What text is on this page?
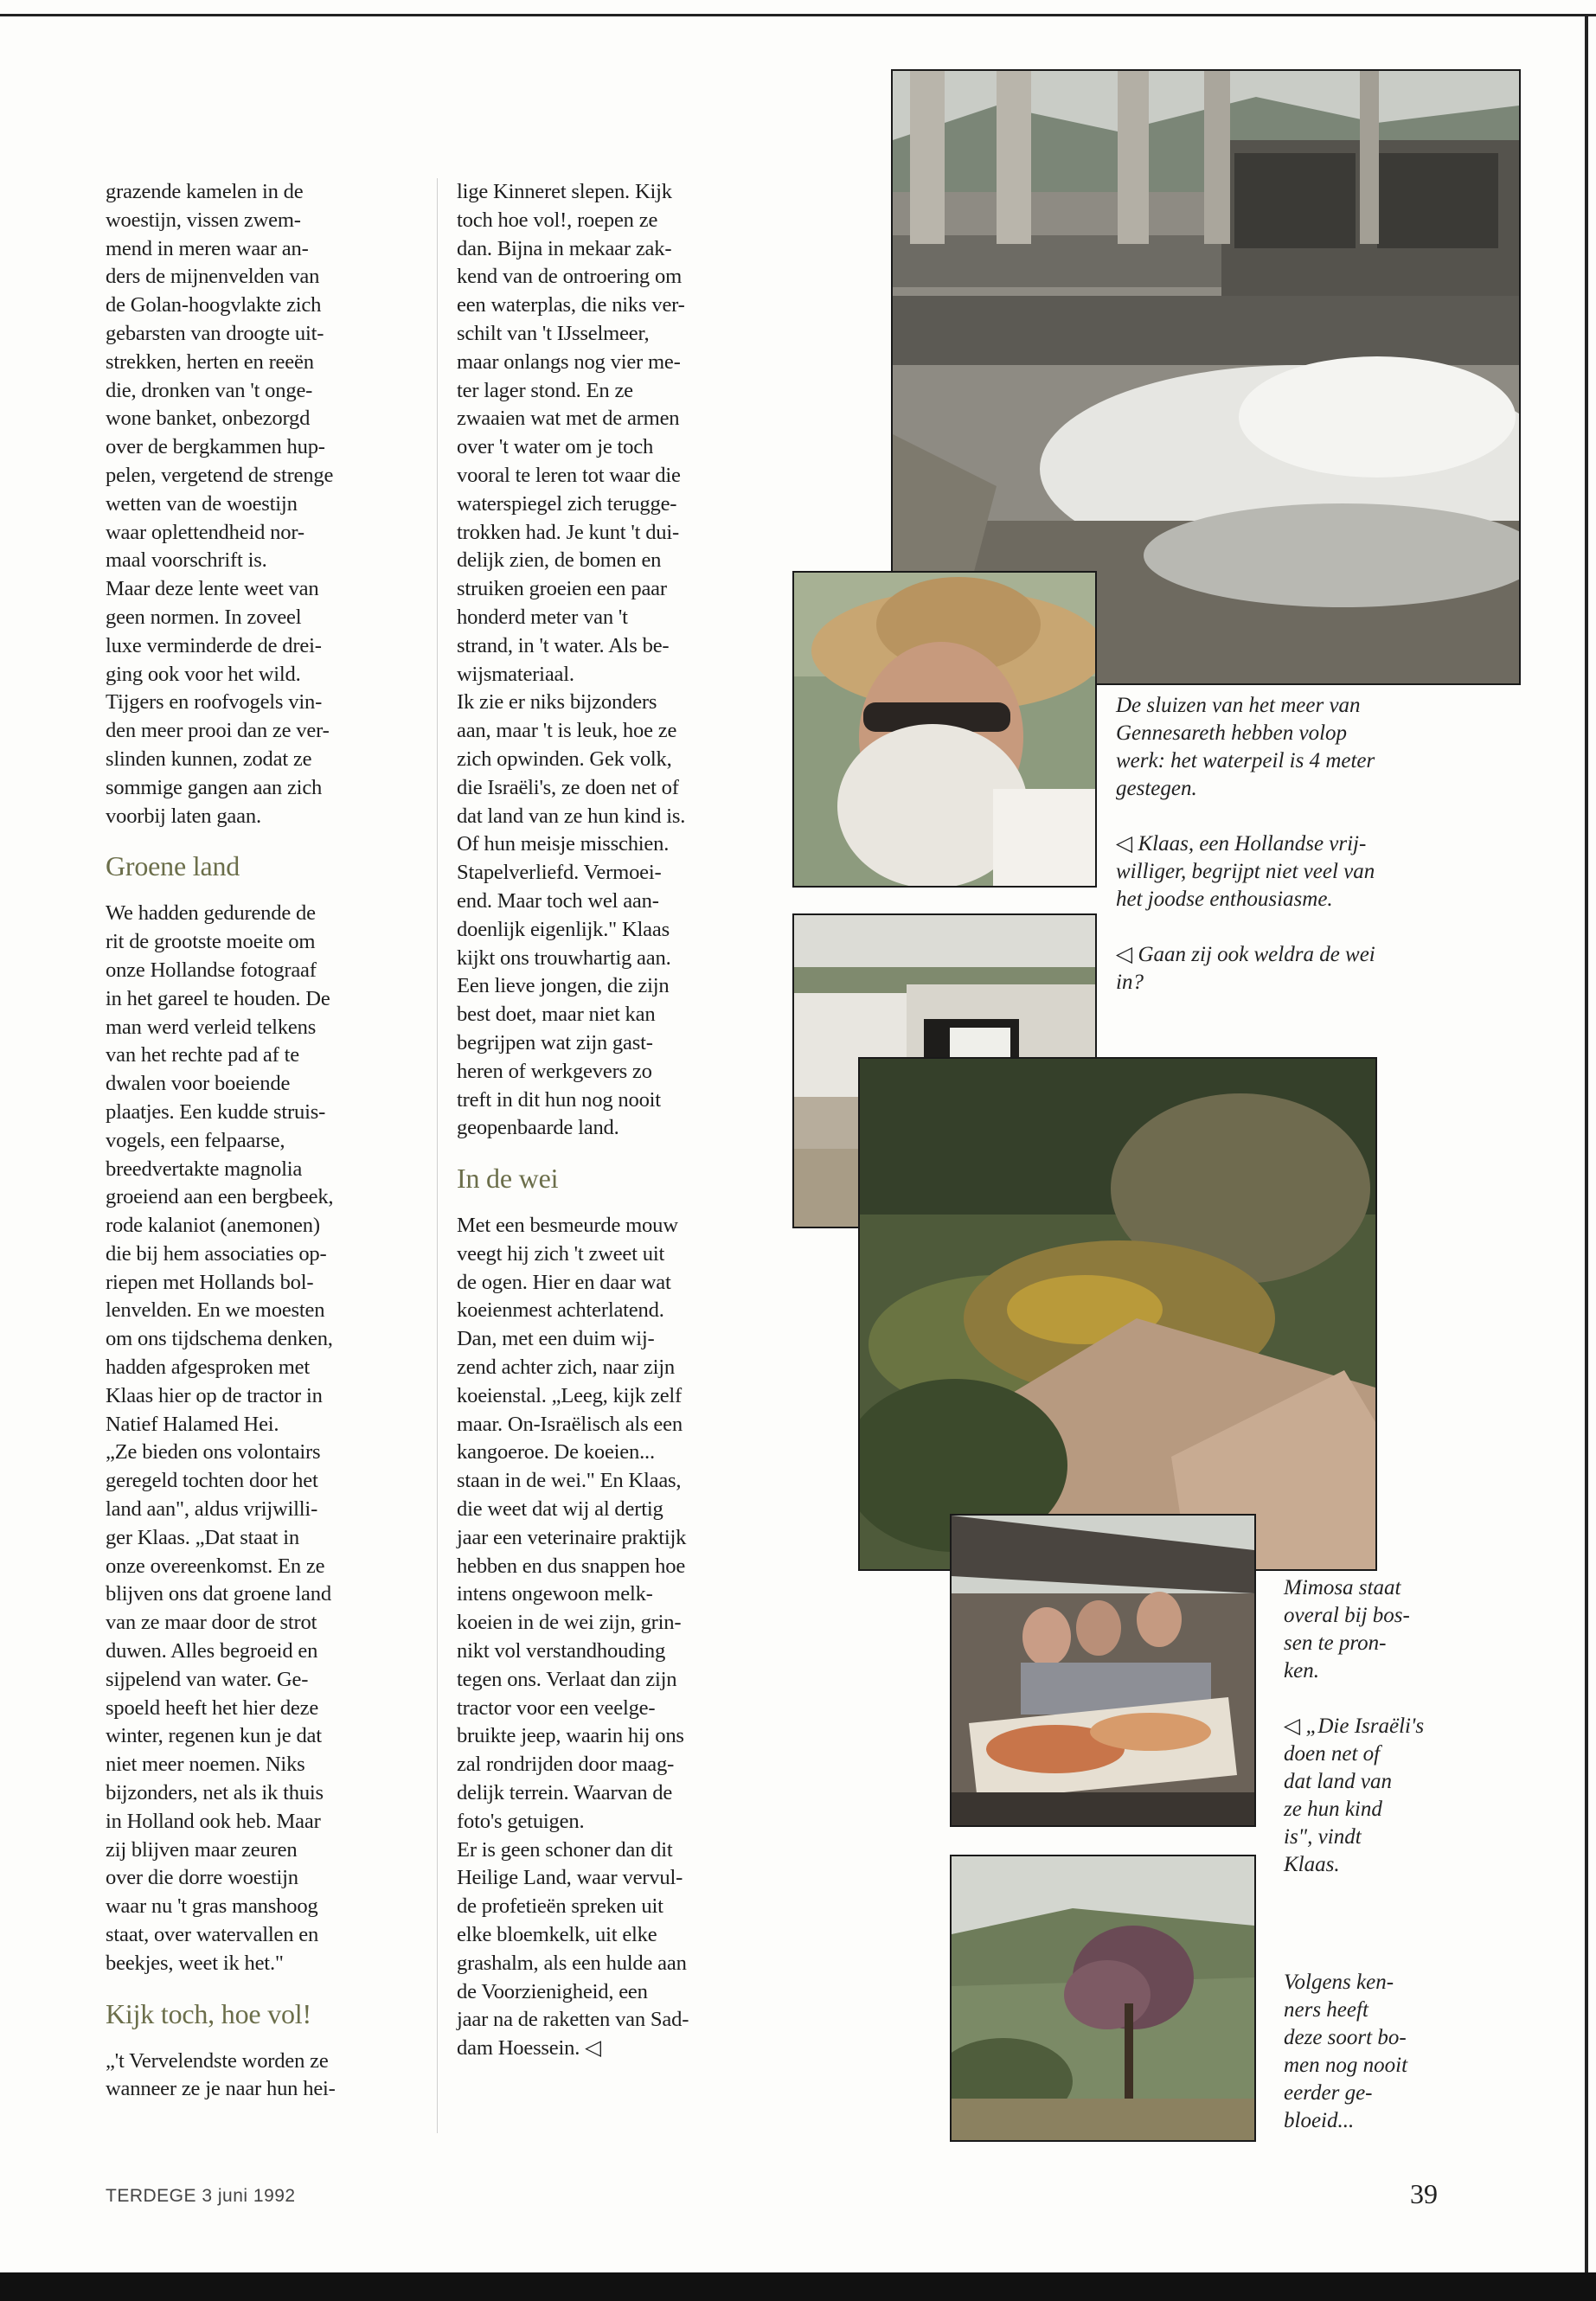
grazende kamelen in de
woestijn, vissen zwem-
mend in meren waar an-
ders de mijnenvelden van
de Golan-hoogvlakte zich
gebarsten van droogte uit-
strekken, herten en reeën
die, dronken van 't onge-
wone banket, onbezorgd
over de bergkammen hup-
pelen, vergetend de strenge
wetten van de woestijn
waar oplettendheid nor-
maal voorschrift is.
Maar deze lente weet van
geen normen. In zoveel
luxe verminderde de drei-
ging ook voor het wild.
Tijgers en roofvogels vin-
den meer prooi dan ze ver-
slinden kunnen, zodat ze
sommige gangen aan zich
voorbij laten gaan.

Groene land

We hadden gedurende de
rit de grootste moeite om
onze Hollandse fotograaf
in het gareel te houden. De
man werd verleid telkens
van het rechte pad af te
dwalen voor boeiende
plaatjes. Een kudde struis-
vogels, een felpaarse,
breedvertakte magnolia
groeiend aan een bergbeek,
rode kalaniot (anemonen)
die bij hem associaties op-
riepen met Hollands bol-
lenvelden. En we moesten
om ons tijdschema denken,
hadden afgesproken met
Klaas hier op de tractor in
Natief Halamed Hei.
„Ze bieden ons volontairs
geregeld tochten door het
land aan", aldus vrijwilli-
ger Klaas. „Dat staat in
onze overeenkomst. En ze
blijven ons dat groene land
van ze maar door de strot
duwen. Alles begroeid en
sijpelend van water. Ge-
spoeld heeft het hier deze
winter, regenen kun je dat
niet meer noemen. Niks
bijzonders, net als ik thuis
in Holland ook heb. Maar
zij blijven maar zeuren
over die dorre woestijn
waar nu 't gras manshoog
staat, over watervallen en
beekjes, weet ik het."

Kijk toch, hoe vol!

„'t Vervelendste worden ze
wanneer ze je naar hun hei-

lige Kinneret slepen. Kijk
toch hoe vol!, roepen ze
dan. Bijna in mekaar zak-
kend van de ontroering om
een waterplas, die niks ver-
schilt van 't IJsselmeer,
maar onlangs nog vier me-
ter lager stond. En ze
zwaaien wat met de armen
over 't water om je toch
vooral te leren tot waar die
waterspiegel zich terugge-
trokken had. Je kunt 't dui-
delijk zien, de bomen en
struiken groeien een paar
honderd meter van 't
strand, in 't water. Als be-
wijsmateriaal.
Ik zie er niks bijzonders
aan, maar 't is leuk, hoe ze
zich opwinden. Gek volk,
die Israëli's, ze doen net of
dat land van ze hun kind is.
Of hun meisje misschien.
Stapelverliefd. Vermoei-
end. Maar toch wel aan-
doenlijk eigenlijk." Klaas
kijkt ons trouwhartig aan.
Een lieve jongen, die zijn
best doet, maar niet kan
begrijpen wat zijn gast-
heren of werkgevers zo
treft in dit hun nog nooit
geopenbaarde land.

In de wei

Met een besmeurde mouw
veegt hij zich 't zweet uit
de ogen. Hier en daar wat
koeienmest achterlatend.
Dan, met een duim wij-
zend achter zich, naar zijn
koeienstal. „Leeg, kijk zelf
maar. On-Israëlisch als een
kangoeroe. De koeien...
staan in de wei." En Klaas,
die weet dat wij al dertig
jaar een veterinaire praktijk
hebben en dus snappen hoe
intens ongewoon melk-
koeien in de wei zijn, grin-
nikt vol verstandhouding
tegen ons. Verlaat dan zijn
tractor voor een veelge-
bruikte jeep, waarin hij ons
zal rondrijden door maag-
delijk terrein. Waarvan de
foto's getuigen.
Er is geen schoner dan dit
Heilige Land, waar vervul-
de profetieën spreken uit
elke bloemkelk, uit elke
grashalm, als een hulde aan
de Voorzienigheid, een
jaar na de raketten van Sad-
dam Hoessein. ◁

De sluizen van het meer van
Gennesareth hebben volop
werk: het waterpeil is 4 meter
gestegen.

◁ Klaas, een Hollandse vrij-
williger, begrijpt niet veel van
het joodse enthousiasme.

◁ Gaan zij ook weldra de wei
in?

Mimosa staat
overal bij bos-
sen te pron-
ken.

◁ „Die Israëli's
doen net of
dat land van
ze hun kind
is", vindt
Klaas.

Volgens ken-
ners heeft
deze soort bo-
men nog nooit
eerder ge-
bloeid...

TERDEGE 3 juni 1992	39
